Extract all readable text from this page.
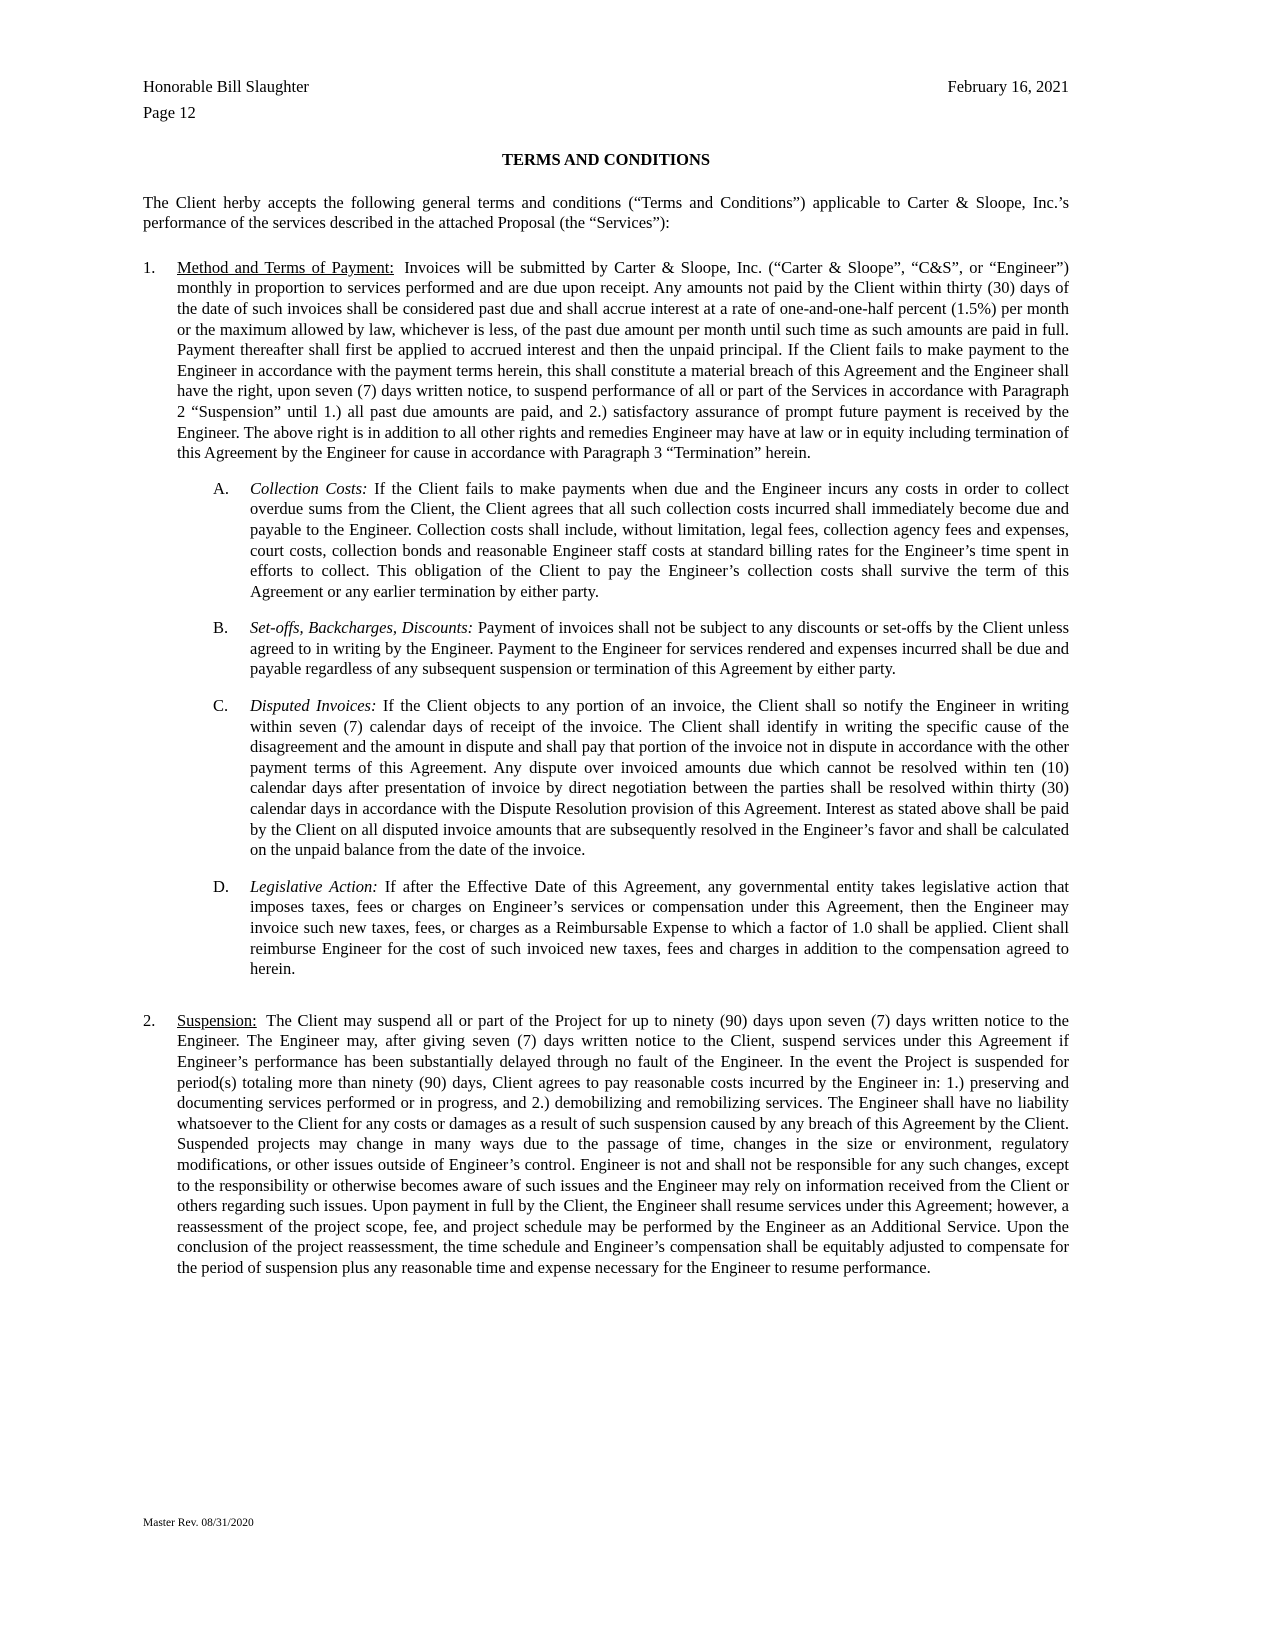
Honorable Bill Slaughter	February 16, 2021
Page 12
TERMS AND CONDITIONS

The Client herby accepts the following general terms and conditions (“Terms and Conditions”) applicable to Carter & Sloope, Inc.’s performance of the services described in the attached Proposal (the “Services”):

1.	Method and Terms of Payment: Invoices will be submitted by Carter & Sloope, Inc. (“Carter & Sloope”, “C&S”, or “Engineer”) monthly in proportion to services performed and are due upon receipt. Any amounts not paid by the Client within thirty (30) days of the date of such invoices shall be considered past due and shall accrue interest at a rate of one-and-one-half percent (1.5%) per month or the maximum allowed by law, whichever is less, of the past due amount per month until such time as such amounts are paid in full. Payment thereafter shall first be applied to accrued interest and then the unpaid principal. If the Client fails to make payment to the Engineer in accordance with the payment terms herein, this shall constitute a material breach of this Agreement and the Engineer shall have the right, upon seven (7) days written notice, to suspend performance of all or part of the Services in accordance with Paragraph 2 “Suspension” until 1.) all past due amounts are paid, and 2.) satisfactory assurance of prompt future payment is received by the Engineer. The above right is in addition to all other rights and remedies Engineer may have at law or in equity including termination of this Agreement by the Engineer for cause in accordance with Paragraph 3 “Termination” herein.

A.	Collection Costs: If the Client fails to make payments when due and the Engineer incurs any costs in order to collect overdue sums from the Client, the Client agrees that all such collection costs incurred shall immediately become due and payable to the Engineer. Collection costs shall include, without limitation, legal fees, collection agency fees and expenses, court costs, collection bonds and reasonable Engineer staff costs at standard billing rates for the Engineer’s time spent in efforts to collect. This obligation of the Client to pay the Engineer’s collection costs shall survive the term of this Agreement or any earlier termination by either party.

B.	Set-offs, Backcharges, Discounts: Payment of invoices shall not be subject to any discounts or set-offs by the Client unless agreed to in writing by the Engineer. Payment to the Engineer for services rendered and expenses incurred shall be due and payable regardless of any subsequent suspension or termination of this Agreement by either party.

C.	Disputed Invoices: If the Client objects to any portion of an invoice, the Client shall so notify the Engineer in writing within seven (7) calendar days of receipt of the invoice. The Client shall identify in writing the specific cause of the disagreement and the amount in dispute and shall pay that portion of the invoice not in dispute in accordance with the other payment terms of this Agreement. Any dispute over invoiced amounts due which cannot be resolved within ten (10) calendar days after presentation of invoice by direct negotiation between the parties shall be resolved within thirty (30) calendar days in accordance with the Dispute Resolution provision of this Agreement. Interest as stated above shall be paid by the Client on all disputed invoice amounts that are subsequently resolved in the Engineer’s favor and shall be calculated on the unpaid balance from the date of the invoice.

D.	Legislative Action: If after the Effective Date of this Agreement, any governmental entity takes legislative action that imposes taxes, fees or charges on Engineer’s services or compensation under this Agreement, then the Engineer may invoice such new taxes, fees, or charges as a Reimbursable Expense to which a factor of 1.0 shall be applied. Client shall reimburse Engineer for the cost of such invoiced new taxes, fees and charges in addition to the compensation agreed to herein.

2.	Suspension: The Client may suspend all or part of the Project for up to ninety (90) days upon seven (7) days written notice to the Engineer. The Engineer may, after giving seven (7) days written notice to the Client, suspend services under this Agreement if Engineer’s performance has been substantially delayed through no fault of the Engineer. In the event the Project is suspended for period(s) totaling more than ninety (90) days, Client agrees to pay reasonable costs incurred by the Engineer in: 1.) preserving and documenting services performed or in progress, and 2.) demobilizing and remobilizing services. The Engineer shall have no liability whatsoever to the Client for any costs or damages as a result of such suspension caused by any breach of this Agreement by the Client. Suspended projects may change in many ways due to the passage of time, changes in the size or environment, regulatory modifications, or other issues outside of Engineer’s control. Engineer is not and shall not be responsible for any such changes, except to the responsibility or otherwise becomes aware of such issues and the Engineer may rely on information received from the Client or others regarding such issues. Upon payment in full by the Client, the Engineer shall resume services under this Agreement; however, a reassessment of the project scope, fee, and project schedule may be performed by the Engineer as an Additional Service. Upon the conclusion of the project reassessment, the time schedule and Engineer’s compensation shall be equitably adjusted to compensate for the period of suspension plus any reasonable time and expense necessary for the Engineer to resume performance.

Master Rev. 08/31/2020
